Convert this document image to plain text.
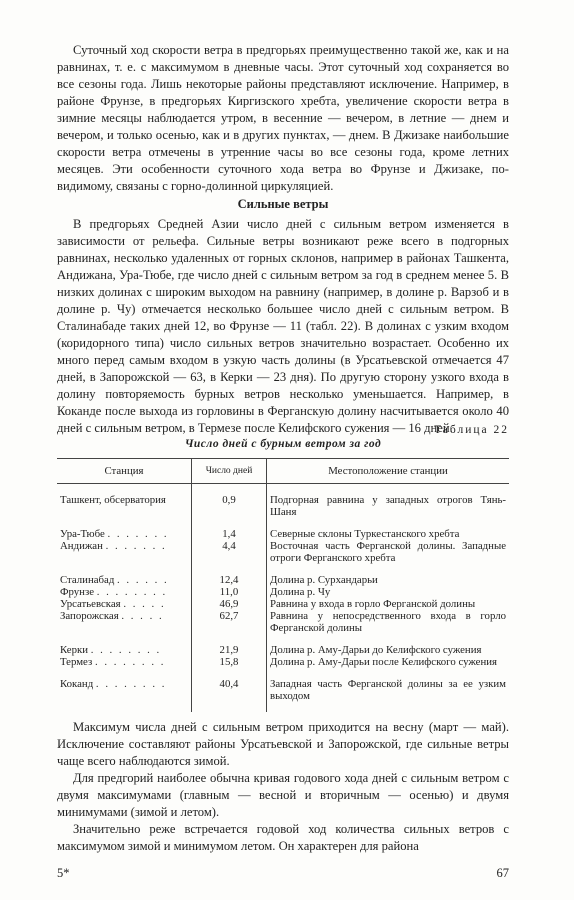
Суточный ход скорости ветра в предгорьях преимущественно такой же, как и на равнинах, т. е. с максимумом в дневные часы. Этот суточный ход сохраняется во все сезоны года. Лишь некоторые районы представляют исключение. Например, в районе Фрунзе, в предгорьях Киргизского хребта, увеличение скорости ветра в зимние месяцы наблюдается утром, в весенние — вечером, в летние — днем и вечером, и только осенью, как и в других пунктах, — днем. В Джизаке наибольшие скорости ветра отмечены в утренние часы во все сезоны года, кроме летних месяцев. Эти особенности суточного хода ветра во Фрунзе и Джизаке, по-видимому, связаны с горно-долинной циркуляцией.

Сильные ветры

В предгорьях Средней Азии число дней с сильным ветром изменяется в зависимости от рельефа. Сильные ветры возникают реже всего в подгорных равнинах, несколько удаленных от горных склонов, например в районах Ташкента, Андижана, Ура-Тюбе, где число дней с сильным ветром за год в среднем менее 5. В низких долинах с широким выходом на равнину (например, в долине р. Варзоб и в долине р. Чу) отмечается несколько большее число дней с сильным ветром. В Сталинабаде таких дней 12, во Фрунзе — 11 (табл. 22). В долинах с узким входом (коридорного типа) число сильных ветров значительно возрастает. Особенно их много перед самым входом в узкую часть долины (в Урсатьевской отмечается 47 дней, в Запорожской — 63, в Керки — 23 дня). По другую сторону узкого входа в долину повторяемость бурных ветров несколько уменьшается. Например, в Коканде после выхода из горловины в Ферганскую долину насчитывается около 40 дней с сильным ветром, в Термезе после Келифского сужения — 16 дней.

Таблица 22
Число дней с бурным ветром за год
Станция	Число дней	Местоположение станции

Ташкент, обсерватория	0,9	Подгорная равнина у западных отрогов Тянь-Шаня

Ура-Тюбе . . . . . . .	1,4	Северные склоны Туркестанского хребта
Андижан . . . . . . .	4,4	Восточная часть Ферганской долины. Западные отроги Ферганского хребта

Сталинабад . . . . . .	12,4	Долина р. Сурхандарьи
Фрунзе . . . . . . . .	11,0	Долина р. Чу
Урсатьевская . . . . .	46,9	Равнина у входа в горло Ферганской долины
Запорожская . . . . .	62,7	Равнина у непосредственного входа в горло Ферганской долины

Керки . . . . . . . .	21,9	Долина р. Аму-Дарьи до Келифского сужения
Термез . . . . . . . .	15,8	Долина р. Аму-Дарьи после Келифского сужения

Коканд . . . . . . . .	40,4	Западная часть Ферганской долины за ее узким выходом

Максимум числа дней с сильным ветром приходится на весну (март — май). Исключение составляют районы Урсатьевской и Запорожской, где сильные ветры чаще всего наблюдаются зимой.

Для предгорий наиболее обычна кривая годового хода дней с сильным ветром с двумя максимумами (главным — весной и вторичным — осенью) и двумя минимумами (зимой и летом).

Значительно реже встречается годовой ход количества сильных ветров с максимумом зимой и минимумом летом. Он характерен для района

5*	67
